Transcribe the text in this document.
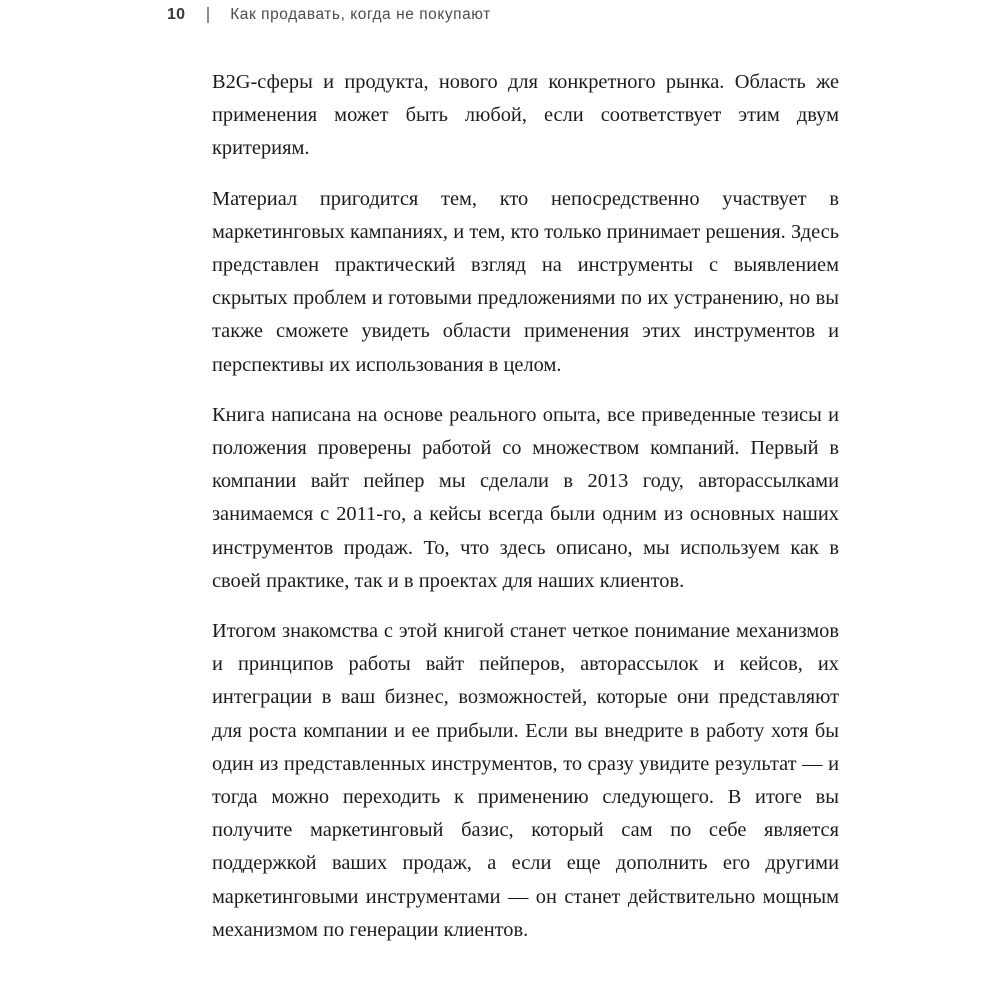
10	Как продавать, когда не покупают

B2G-сферы и продукта, нового для конкретного рынка. Область же применения может быть любой, если соответствует этим двум критериям.

Материал пригодится тем, кто непосредственно участвует в маркетинговых кампаниях, и тем, кто только принимает решения. Здесь представлен практический взгляд на инструменты с выявлением скрытых проблем и готовыми предложениями по их устранению, но вы также сможете увидеть области применения этих инструментов и перспективы их использования в целом.

Книга написана на основе реального опыта, все приведенные тезисы и положения проверены работой со множеством компаний. Первый в компании вайт пейпер мы сделали в 2013 году, авторассылками занимаемся с 2011-го, а кейсы всегда были одним из основных наших инструментов продаж. То, что здесь описано, мы используем как в своей практике, так и в проектах для наших клиентов.

Итогом знакомства с этой книгой станет четкое понимание механизмов и принципов работы вайт пейперов, авторассылок и кейсов, их интеграции в ваш бизнес, возможностей, которые они представляют для роста компании и ее прибыли. Если вы внедрите в работу хотя бы один из представленных инструментов, то сразу увидите результат — и тогда можно переходить к применению следующего. В итоге вы получите маркетинговый базис, который сам по себе является поддержкой ваших продаж, а если еще дополнить его другими маркетинговыми инструментами — он станет действительно мощным механизмом по генерации клиентов.
